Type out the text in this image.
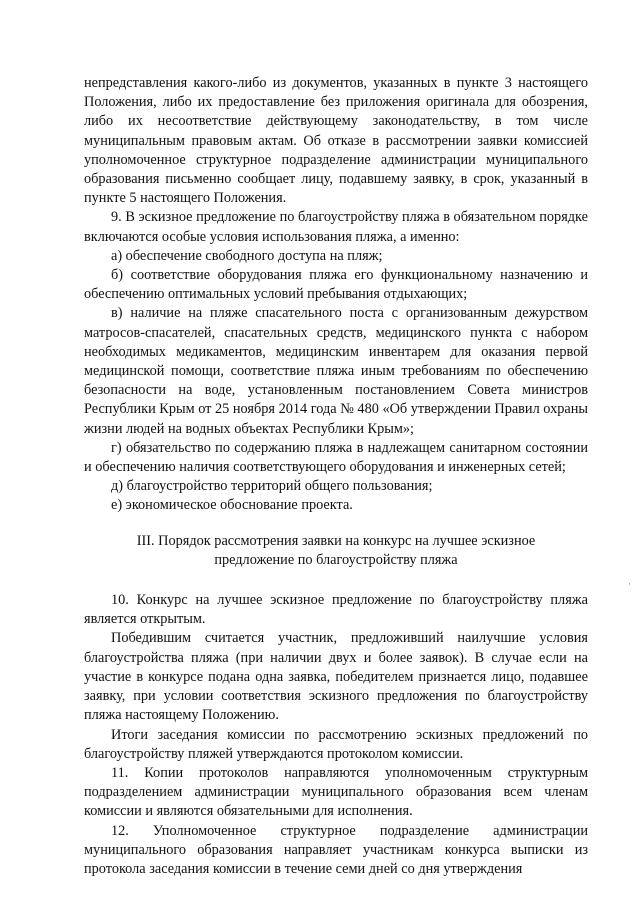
непредставления какого-либо из документов, указанных в пункте 3 настоящего Положения, либо их предоставление без приложения оригинала для обозрения, либо их несоответствие действующему законодательству, в том числе муниципальным правовым актам. Об отказе в рассмотрении заявки комиссией уполномоченное структурное подразделение администрации муниципального образования письменно сообщает лицу, подавшему заявку, в срок, указанный в пункте 5 настоящего Положения.

9. В эскизное предложение по благоустройству пляжа в обязательном порядке включаются особые условия использования пляжа, а именно:

а) обеспечение свободного доступа на пляж;

б) соответствие оборудования пляжа его функциональному назначению и обеспечению оптимальных условий пребывания отдыхающих;

в) наличие на пляже спасательного поста с организованным дежурством матросов-спасателей, спасательных средств, медицинского пункта с набором необходимых медикаментов, медицинским инвентарем для оказания первой медицинской помощи, соответствие пляжа иным требованиям по обеспечению безопасности на воде, установленным постановлением Совета министров Республики Крым от 25 ноября 2014 года № 480 «Об утверждении Правил охраны жизни людей на водных объектах Республики Крым»;

г) обязательство по содержанию пляжа в надлежащем санитарном состоянии и обеспечению наличия соответствующего оборудования и инженерных сетей;

д) благоустройство территорий общего пользования;

е) экономическое обоснование проекта.

III. Порядок рассмотрения заявки на конкурс на лучшее эскизное предложение по благоустройству пляжа

10. Конкурс на лучшее эскизное предложение по благоустройству пляжа является открытым.

Победившим считается участник, предложивший наилучшие условия благоустройства пляжа (при наличии двух и более заявок). В случае если на участие в конкурсе подана одна заявка, победителем признается лицо, подавшее заявку, при условии соответствия эскизного предложения по благоустройству пляжа настоящему Положению.

Итоги заседания комиссии по рассмотрению эскизных предложений по благоустройству пляжей утверждаются протоколом комиссии.

11. Копии протоколов направляются уполномоченным структурным подразделением администрации муниципального образования всем членам комиссии и являются обязательными для исполнения.

12. Уполномоченное структурное подразделение администрации муниципального образования направляет участникам конкурса выписки из протокола заседания комиссии в течение семи дней со дня утверждения

·
